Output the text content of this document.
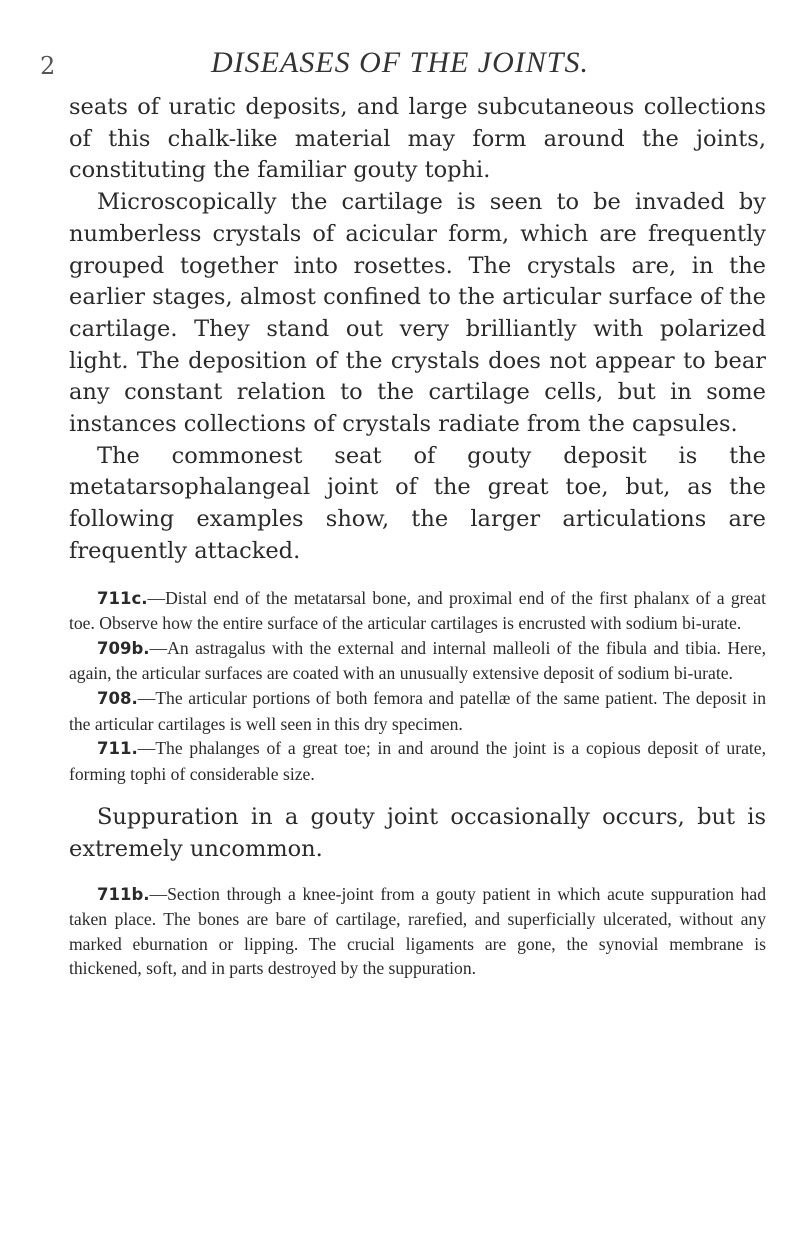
2	DISEASES OF THE JOINTS.

seats of uratic deposits, and large subcutaneous collections of this chalk-like material may form around the joints, constituting the familiar gouty tophi.

Microscopically the cartilage is seen to be invaded by numberless crystals of acicular form, which are frequently grouped together into rosettes. The crystals are, in the earlier stages, almost confined to the articular surface of the cartilage. They stand out very brilliantly with polarized light. The deposition of the crystals does not appear to bear any constant relation to the cartilage cells, but in some instances collections of crystals radiate from the capsules.

The commonest seat of gouty deposit is the metatarsophalangeal joint of the great toe, but, as the following examples show, the larger articulations are frequently attacked.

711c.—Distal end of the metatarsal bone, and proximal end of the first phalanx of a great toe. Observe how the entire surface of the articular cartilages is encrusted with sodium bi-urate.

709b.—An astragalus with the external and internal malleoli of the fibula and tibia. Here, again, the articular surfaces are coated with an unusually extensive deposit of sodium bi-urate.

708.—The articular portions of both femora and patellæ of the same patient. The deposit in the articular cartilages is well seen in this dry specimen.

711.—The phalanges of a great toe; in and around the joint is a copious deposit of urate, forming tophi of considerable size.

Suppuration in a gouty joint occasionally occurs, but is extremely uncommon.

711b.—Section through a knee-joint from a gouty patient in which acute suppuration had taken place. The bones are bare of cartilage, rarefied, and superficially ulcerated, without any marked eburnation or lipping. The crucial ligaments are gone, the synovial membrane is thickened, soft, and in parts destroyed by the suppuration.
